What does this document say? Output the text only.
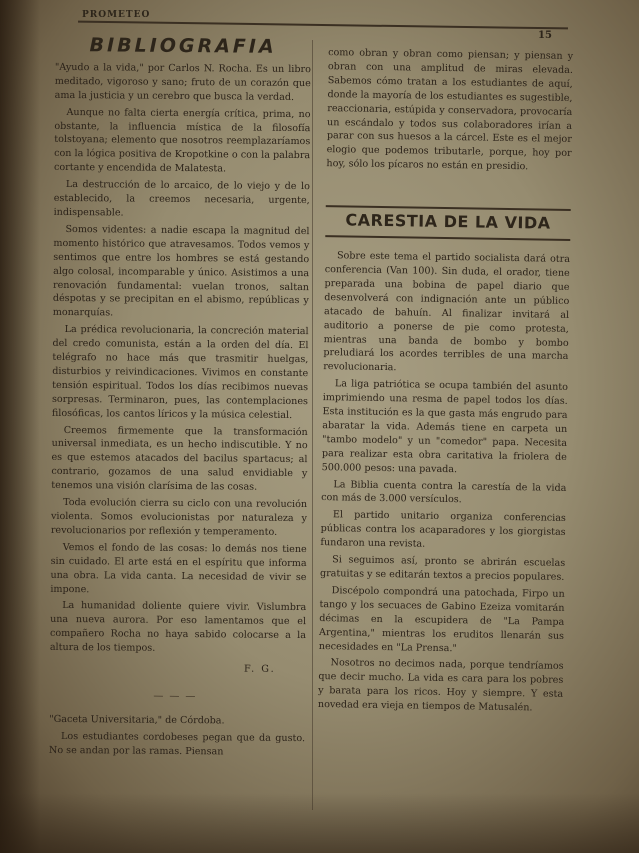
PROMETEO
15
BIBLIOGRAFIA

"Ayudo a la vida," por Carlos N. Rocha. Es un libro meditado, vigoroso y sano; fruto de un corazón que ama la justicia y un cerebro que busca la verdad.

Aunque no falta cierta energía crítica, prima, no obstante, la influencia mística de la filosofía tolstoyana; elemento que nosotros reemplazaríamos con la lógica positiva de Kropotkine o con la palabra cortante y encendida de Malatesta.

La destrucción de lo arcaico, de lo viejo y de lo establecido, la creemos necesaria, urgente, indispensable.

Somos videntes: a nadie escapa la magnitud del momento histórico que atravesamos. Todos vemos y sentimos que entre los hombres se está gestando algo colosal, incomparable y único. Asistimos a una renovación fundamental: vuelan tronos, saltan déspotas y se precipitan en el abismo, repúblicas y monarquías.

La prédica revolucionaria, la concreción material del credo comunista, están a la orden del día. El telégrafo no hace más que trasmitir huelgas, disturbios y reivindicaciones. Vivimos en constante tensión espiritual. Todos los días recibimos nuevas sorpresas. Terminaron, pues, las contemplaciones filosóficas, los cantos líricos y la música celestial.

Creemos firmemente que la transformación universal inmediata, es un hecho indiscutible. Y no es que estemos atacados del bacilus spartacus; al contrario, gozamos de una salud envidiable y tenemos una visión clarísima de las cosas.

Toda evolución cierra su ciclo con una revolución violenta. Somos evolucionistas por naturaleza y revolucionarios por reflexión y temperamento.

Vemos el fondo de las cosas: lo demás nos tiene sin cuidado. El arte está en el espíritu que informa una obra. La vida canta. La necesidad de vivir se impone.

La humanidad doliente quiere vivir. Vislumbra una nueva aurora. Por eso lamentamos que el compañero Rocha no haya sabido colocarse a la altura de los tiempos.

F. G.
———

"Gaceta Universitaria," de Córdoba.

Los estudiantes cordobeses pegan que da gusto. No se andan por las ramas. Piensan

como obran y obran como piensan; y piensan y obran con una amplitud de miras elevada. Sabemos cómo tratan a los estudiantes de aquí, donde la mayoría de los estudiantes es sugestible, reaccionaria, estúpida y conservadora, provocaría un escándalo y todos sus colaboradores irían a parar con sus huesos a la cárcel. Este es el mejor elogio que podemos tributarle, porque, hoy por hoy, sólo los pícaros no están en presidio.

CARESTIA DE LA VIDA

Sobre este tema el partido socialista dará otra conferencia (Van 100). Sin duda, el orador, tiene preparada una bobina de papel diario que desenvolverá con indignación ante un público atacado de bahuín. Al finalizar invitará al auditorio a ponerse de pie como protesta, mientras una banda de bombo y bombo preludiará los acordes terribles de una marcha revolucionaria.

La liga patriótica se ocupa también del asunto imprimiendo una resma de papel todos los días. Esta institución es la que gasta más engrudo para abaratar la vida. Además tiene en carpeta un "tambo modelo" y un "comedor" papa. Necesita para realizar esta obra caritativa la friolera de 500.000 pesos: una pavada.

La Biblia cuenta contra la carestía de la vida con más de 3.000 versículos.

El partido unitario organiza conferencias públicas contra los acaparadores y los giorgistas fundaron una revista.

Si seguimos así, pronto se abrirán escuelas gratuitas y se editarán textos a precios populares.

Discépolo compondrá una patochada, Firpo un tango y los secuaces de Gabino Ezeiza vomitarán décimas en la escupidera de "La Pampa Argentina," mientras los eruditos llenarán sus necesidades en "La Prensa."

Nosotros no decimos nada, porque tendríamos que decir mucho. La vida es cara para los pobres y barata para los ricos. Hoy y siempre. Y esta novedad era vieja en tiempos de Matusalén.
